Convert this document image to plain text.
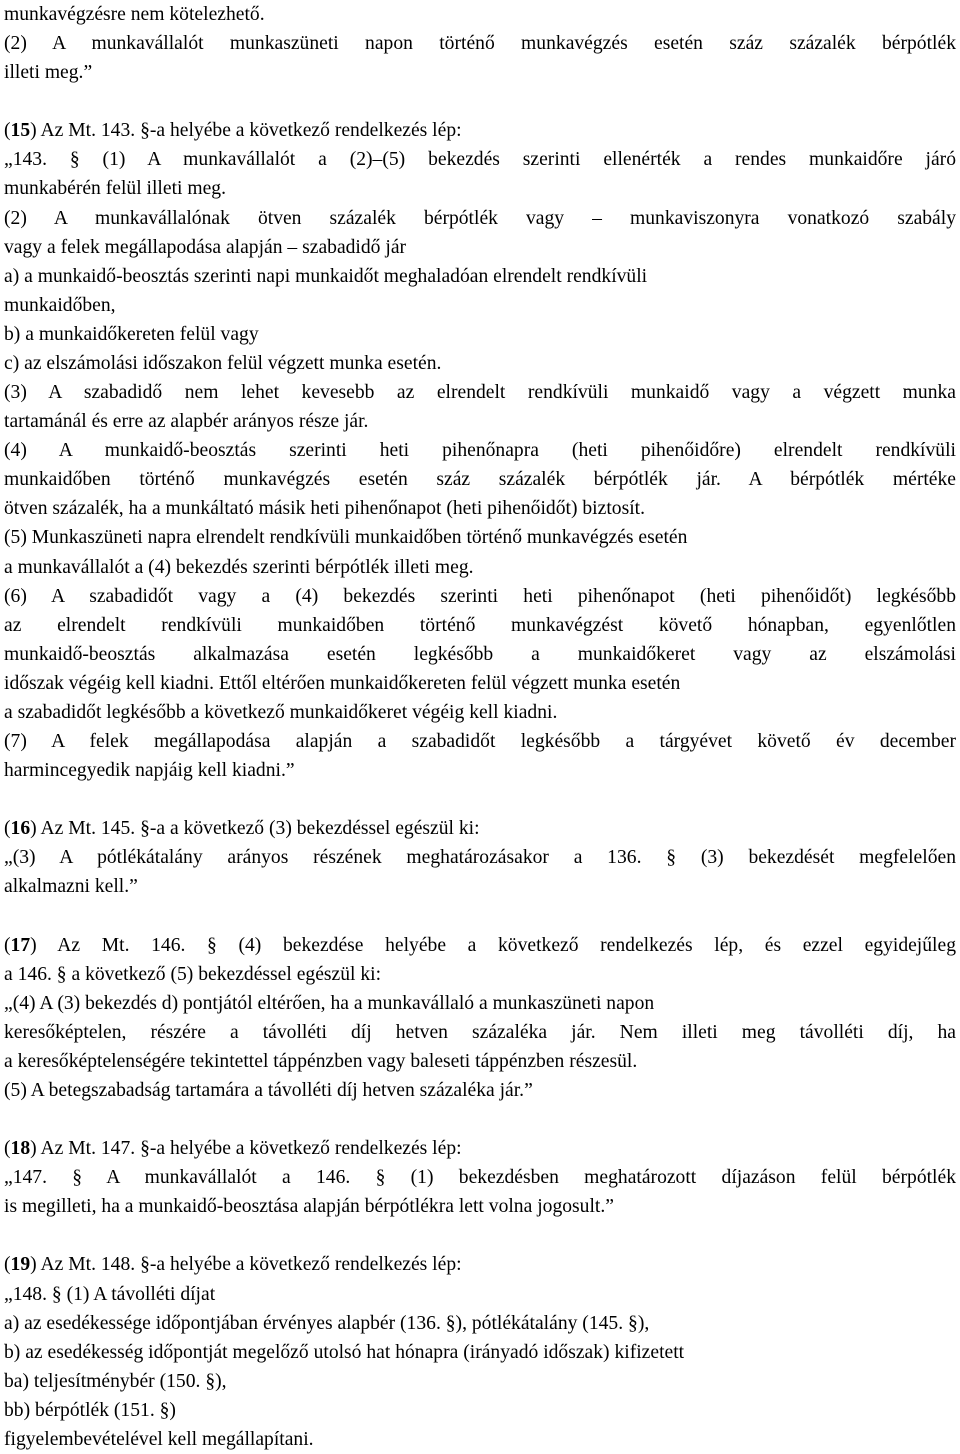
munkavégzésre nem kötelezhető.
(2) A munkavállalót munkaszüneti napon történő munkavégzés esetén száz százalék bérpótlék
illeti meg.”
(15) Az Mt. 143. §-a helyébe a következő rendelkezés lép:
„143. § (1) A munkavállalót a (2)–(5) bekezdés szerinti ellenérték a rendes munkaidőre járó
munkabérén felül illeti meg.
(2) A munkavállalónak ötven százalék bérpótlék vagy – munkaviszonyra vonatkozó szabály
vagy a felek megállapodása alapján – szabadidő jár
a) a munkaidő-beosztás szerinti napi munkaidőt meghaladóan elrendelt rendkívüli
munkaidőben,
b) a munkaidőkereten felül vagy
c) az elszámolási időszakon felül végzett munka esetén.
(3) A szabadidő nem lehet kevesebb az elrendelt rendkívüli munkaidő vagy a végzett munka
tartamánál és erre az alapbér arányos része jár.
(4) A munkaidő-beosztás szerinti heti pihenőnapra (heti pihenőidőre) elrendelt rendkívüli
munkaidőben történő munkavégzés esetén száz százalék bérpótlék jár. A bérpótlék mértéke
ötven százalék, ha a munkáltató másik heti pihenőnapot (heti pihenőidőt) biztosít.
(5) Munkaszüneti napra elrendelt rendkívüli munkaidőben történő munkavégzés esetén
a munkavállalót a (4) bekezdés szerinti bérpótlék illeti meg.
(6) A szabadidőt vagy a (4) bekezdés szerinti heti pihenőnapot (heti pihenőidőt) legkésőbb
az elrendelt rendkívüli munkaidőben történő munkavégzést követő hónapban, egyenlőtlen
munkaidő-beosztás alkalmazása esetén legkésőbb a munkaidőkeret vagy az elszámolási
időszak végéig kell kiadni. Ettől eltérően munkaidőkereten felül végzett munka esetén
a szabadidőt legkésőbb a következő munkaidőkeret végéig kell kiadni.
(7) A felek megállapodása alapján a szabadidőt legkésőbb a tárgyévet követő év december
harmincegyedik napjáig kell kiadni.”
(16) Az Mt. 145. §-a a következő (3) bekezdéssel egészül ki:
„(3) A pótlékátalány arányos részének meghatározásakor a 136. § (3) bekezdését megfelelően
alkalmazni kell.”
(17) Az Mt. 146. § (4) bekezdése helyébe a következő rendelkezés lép, és ezzel egyidejűleg
a 146. § a következő (5) bekezdéssel egészül ki:
„(4) A (3) bekezdés d) pontjától eltérően, ha a munkavállaló a munkaszüneti napon
keresőképtelen, részére a távolléti díj hetven százaléka jár. Nem illeti meg távolléti díj, ha
a keresőképtelenségére tekintettel táppénzben vagy baleseti táppénzben részesül.
(5) A betegszabadság tartamára a távolléti díj hetven százaléka jár.”
(18) Az Mt. 147. §-a helyébe a következő rendelkezés lép:
„147. § A munkavállalót a 146. § (1) bekezdésben meghatározott díjazáson felül bérpótlék
is megilleti, ha a munkaidő-beosztása alapján bérpótlékra lett volna jogosult.”
(19) Az Mt. 148. §-a helyébe a következő rendelkezés lép:
„148. § (1) A távolléti díjat
a) az esedékessége időpontjában érvényes alapbér (136. §), pótlékátalány (145. §),
b) az esedékesség időpontját megelőző utolsó hat hónapra (irányadó időszak) kifizetett
ba) teljesítménybér (150. §),
bb) bérpótlék (151. §)
figyelembevételével kell megállapítani.
